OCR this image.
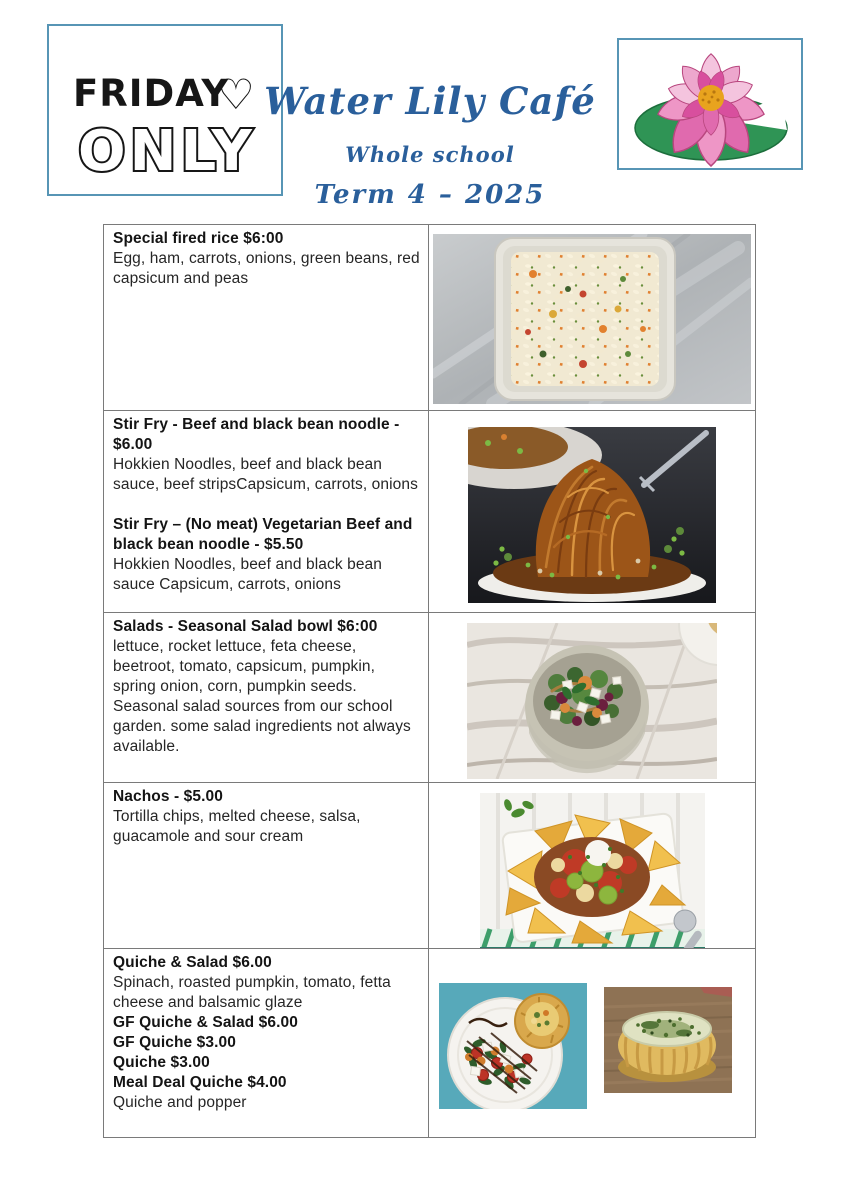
FRIDAY
♡
ONLY
Water Lily Café
Whole school
Term 4 – 2025
Special fired rice $6:00
Egg, ham, carrots, onions, green beans, red capsicum and peas
Stir Fry - Beef and black bean noodle - $6.00
Hokkien Noodles, beef and black bean sauce, beef stripsCapsicum, carrots, onions
Stir Fry – (No meat) Vegetarian Beef and black bean noodle - $5.50
Hokkien Noodles, beef and black bean sauce Capsicum, carrots, onions
Salads - Seasonal Salad bowl $6:00
lettuce, rocket lettuce, feta cheese, beetroot, tomato, capsicum, pumpkin, spring onion, corn, pumpkin seeds. Seasonal salad sources from our school garden. some salad ingredients not always available.
Nachos - $5.00
Tortilla chips, melted cheese, salsa, guacamole and sour cream
Quiche & Salad $6.00
Spinach, roasted pumpkin, tomato, fetta cheese and balsamic glaze
GF Quiche & Salad $6.00
GF Quiche $3.00
Quiche $3.00
Meal Deal Quiche $4.00
Quiche and popper
